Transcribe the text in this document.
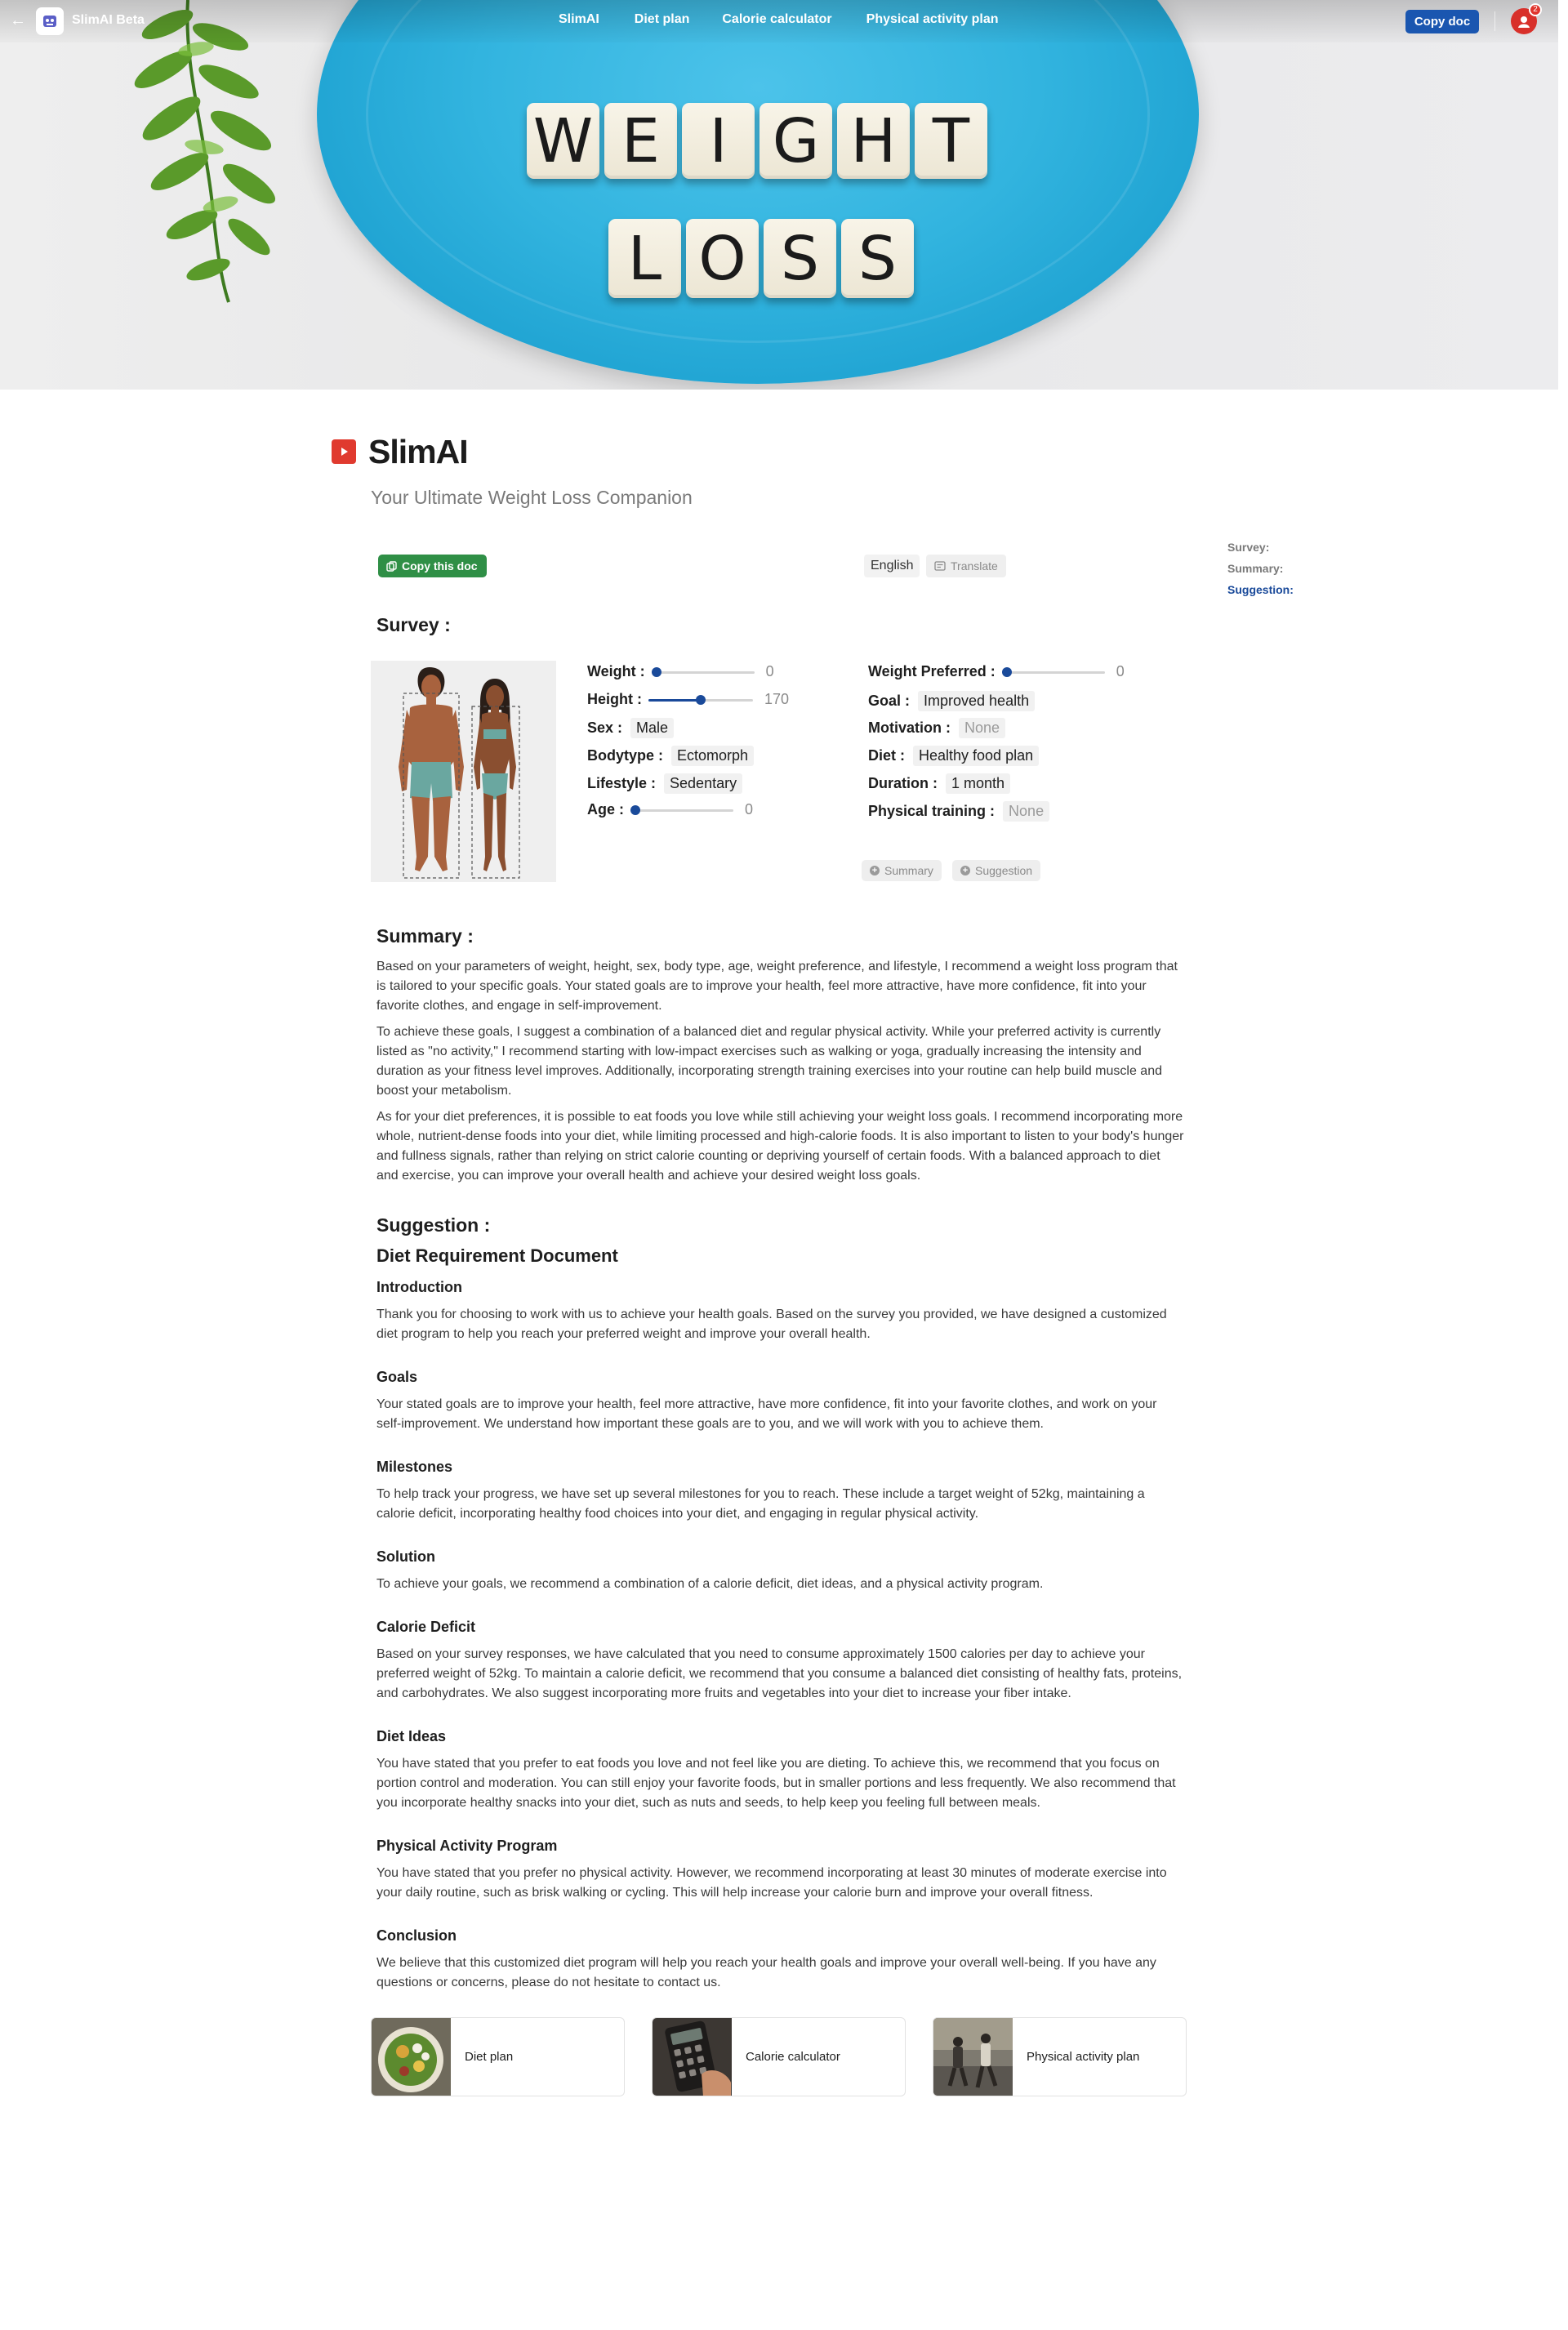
W E I G H T
L O S S
←	SlimAI Beta	SlimAI	Diet plan	Calorie calculator	Physical activity plan	Copy doc
2
SlimAI
Your Ultimate Weight Loss Companion
Copy this doc	English	Translate
Survey:
Summary:
Suggestion:
Survey :
Weight :	0
Height :	170
Sex : Male
Bodytype : Ectomorph
Lifestyle : Sedentary
Age :	0
Weight Preferred :	0
Goal : Improved health
Motivation : None
Diet : Healthy food plan
Duration : 1 month
Physical training : None
+ Summary	+ Suggestion
Summary :
Based on your parameters of weight, height, sex, body type, age, weight preference, and lifestyle, I recommend a weight loss program that is tailored to your specific goals. Your stated goals are to improve your health, feel more attractive, have more confidence, fit into your favorite clothes, and engage in self-improvement.
To achieve these goals, I suggest a combination of a balanced diet and regular physical activity. While your preferred activity is currently listed as "no activity," I recommend starting with low-impact exercises such as walking or yoga, gradually increasing the intensity and duration as your fitness level improves. Additionally, incorporating strength training exercises into your routine can help build muscle and boost your metabolism.
As for your diet preferences, it is possible to eat foods you love while still achieving your weight loss goals. I recommend incorporating more whole, nutrient-dense foods into your diet, while limiting processed and high-calorie foods. It is also important to listen to your body's hunger and fullness signals, rather than relying on strict calorie counting or depriving yourself of certain foods. With a balanced approach to diet and exercise, you can improve your overall health and achieve your desired weight loss goals.
Suggestion :
Diet Requirement Document
Introduction
Thank you for choosing to work with us to achieve your health goals. Based on the survey you provided, we have designed a customized diet program to help you reach your preferred weight and improve your overall health.
Goals
Your stated goals are to improve your health, feel more attractive, have more confidence, fit into your favorite clothes, and work on your self-improvement. We understand how important these goals are to you, and we will work with you to achieve them.
Milestones
To help track your progress, we have set up several milestones for you to reach. These include a target weight of 52kg, maintaining a calorie deficit, incorporating healthy food choices into your diet, and engaging in regular physical activity.
Solution
To achieve your goals, we recommend a combination of a calorie deficit, diet ideas, and a physical activity program.
Calorie Deficit
Based on your survey responses, we have calculated that you need to consume approximately 1500 calories per day to achieve your preferred weight of 52kg. To maintain a calorie deficit, we recommend that you consume a balanced diet consisting of healthy fats, proteins, and carbohydrates. We also suggest incorporating more fruits and vegetables into your diet to increase your fiber intake.
Diet Ideas
You have stated that you prefer to eat foods you love and not feel like you are dieting. To achieve this, we recommend that you focus on portion control and moderation. You can still enjoy your favorite foods, but in smaller portions and less frequently. We also recommend that you incorporate healthy snacks into your diet, such as nuts and seeds, to help keep you feeling full between meals.
Physical Activity Program
You have stated that you prefer no physical activity. However, we recommend incorporating at least 30 minutes of moderate exercise into your daily routine, such as brisk walking or cycling. This will help increase your calorie burn and improve your overall fitness.
Conclusion
We believe that this customized diet program will help you reach your health goals and improve your overall well-being. If you have any questions or concerns, please do not hesitate to contact us.
Diet plan	Calorie calculator	Physical activity plan
